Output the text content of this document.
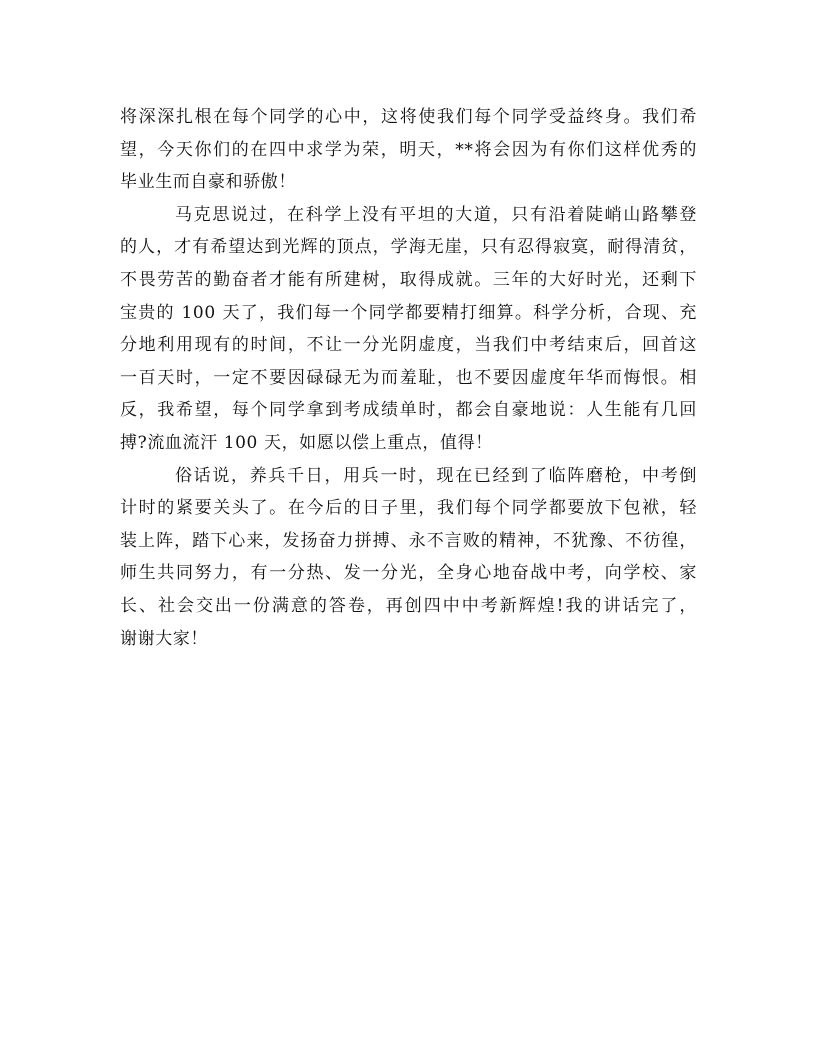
将深深扎根在每个同学的心中，这将使我们每个同学受益终身。我们希
望，今天你们的在四中求学为荣，明天，**将会因为有你们这样优秀的
毕业生而自豪和骄傲！
马克思说过，在科学上没有平坦的大道，只有沿着陡峭山路攀登
的人，才有希望达到光辉的顶点，学海无崖，只有忍得寂寞，耐得清贫，
不畏劳苦的勤奋者才能有所建树，取得成就。三年的大好时光，还剩下
宝贵的 100 天了，我们每一个同学都要精打细算。科学分析，合现、充
分地利用现有的时间，不让一分光阴虚度，当我们中考结束后，回首这
一百天时，一定不要因碌碌无为而羞耻，也不要因虚度年华而悔恨。相
反，我希望，每个同学拿到考成绩单时，都会自豪地说：人生能有几回
搏?流血流汗 100 天，如愿以偿上重点，值得！
俗话说，养兵千日，用兵一时，现在已经到了临阵磨枪，中考倒
计时的紧要关头了。在今后的日子里，我们每个同学都要放下包袱，轻
装上阵，踏下心来，发扬奋力拼搏、永不言败的精神，不犹豫、不彷徨，
师生共同努力，有一分热、发一分光，全身心地奋战中考，向学校、家
长、社会交出一份满意的答卷，再创四中中考新辉煌!我的讲话完了，
谢谢大家！
